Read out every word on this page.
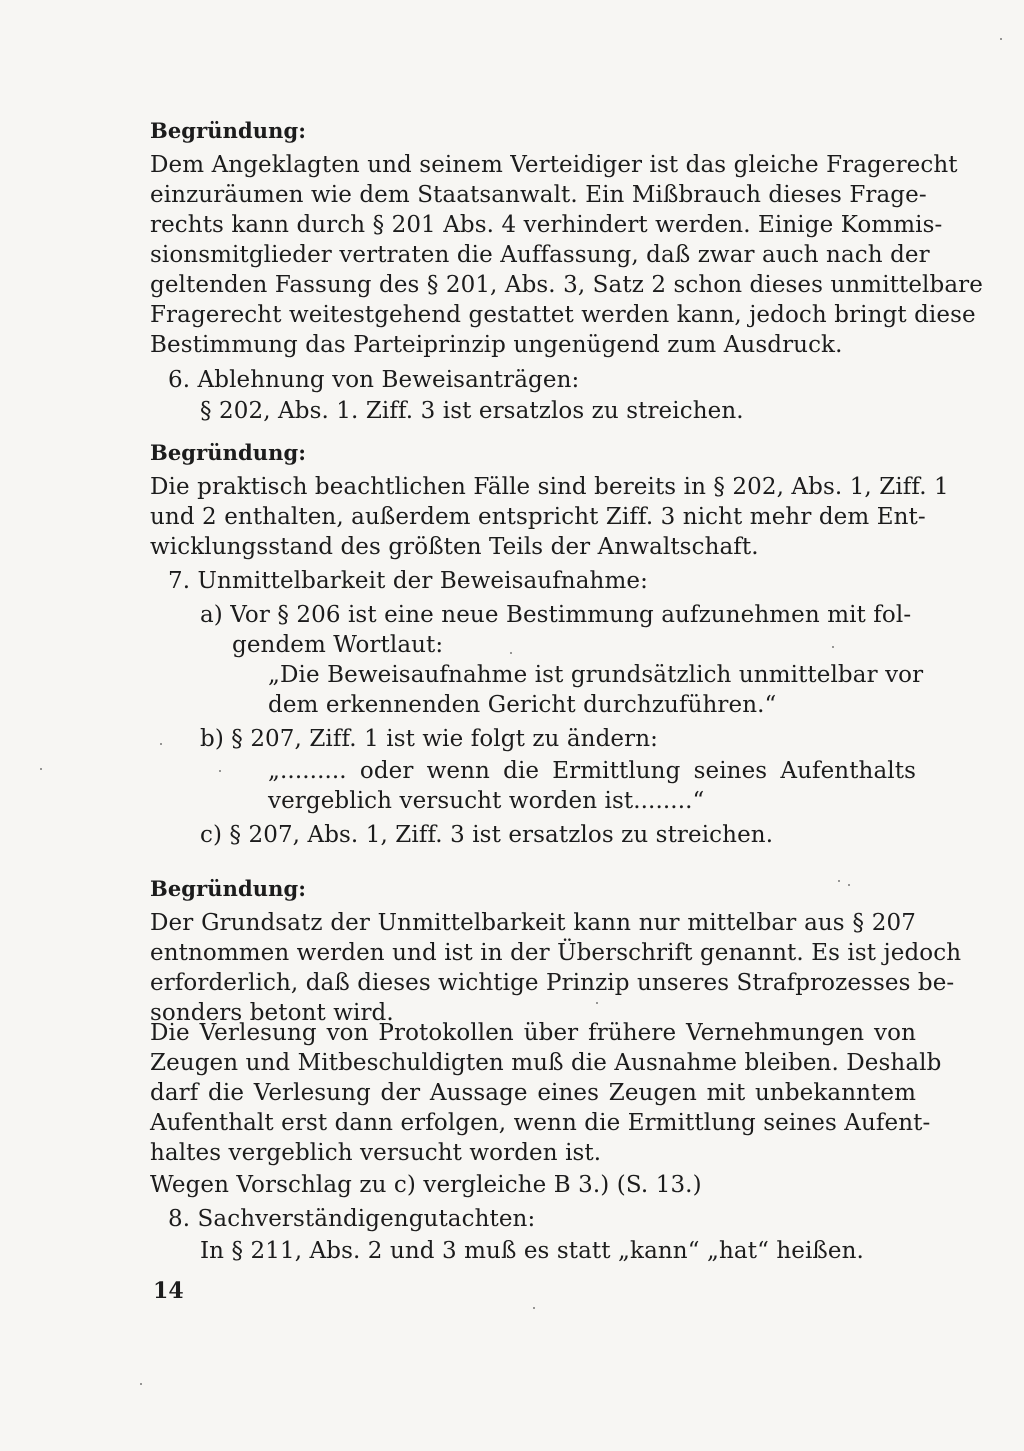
Begründung:
Dem Angeklagten und seinem Verteidiger ist das gleiche Fragerecht
einzuräumen wie dem Staatsanwalt. Ein Mißbrauch dieses Frage-
rechts kann durch § 201 Abs. 4 verhindert werden. Einige Kommis-
sionsmitglieder vertraten die Auffassung, daß zwar auch nach der
geltenden Fassung des § 201, Abs. 3, Satz 2 schon dieses unmittelbare
Fragerecht weitestgehend gestattet werden kann, jedoch bringt diese
Bestimmung das Parteiprinzip ungenügend zum Ausdruck.
6. Ablehnung von Beweisanträgen:
§ 202, Abs. 1. Ziff. 3 ist ersatzlos zu streichen.
Begründung:
Die praktisch beachtlichen Fälle sind bereits in § 202, Abs. 1, Ziff. 1
und 2 enthalten, außerdem entspricht Ziff. 3 nicht mehr dem Ent-
wicklungsstand des größten Teils der Anwaltschaft.
7. Unmittelbarkeit der Beweisaufnahme:
a) Vor § 206 ist eine neue Bestimmung aufzunehmen mit fol-
gendem Wortlaut:
„Die Beweisaufnahme ist grundsätzlich unmittelbar vor
dem erkennenden Gericht durchzuführen.“
b) § 207, Ziff. 1 ist wie folgt zu ändern:
„......... oder wenn die Ermittlung seines Aufenthalts
vergeblich versucht worden ist........“
c) § 207, Abs. 1, Ziff. 3 ist ersatzlos zu streichen.
Begründung:
Der Grundsatz der Unmittelbarkeit kann nur mittelbar aus § 207
entnommen werden und ist in der Überschrift genannt. Es ist jedoch
erforderlich, daß dieses wichtige Prinzip unseres Strafprozesses be-
sonders betont wird.
Die Verlesung von Protokollen über frühere Vernehmungen von
Zeugen und Mitbeschuldigten muß die Ausnahme bleiben. Deshalb
darf die Verlesung der Aussage eines Zeugen mit unbekanntem
Aufenthalt erst dann erfolgen, wenn die Ermittlung seines Aufent-
haltes vergeblich versucht worden ist.
Wegen Vorschlag zu c) vergleiche B 3.) (S. 13.)
8. Sachverständigengutachten:
In § 211, Abs. 2 und 3 muß es statt „kann“ „hat“ heißen.
14
